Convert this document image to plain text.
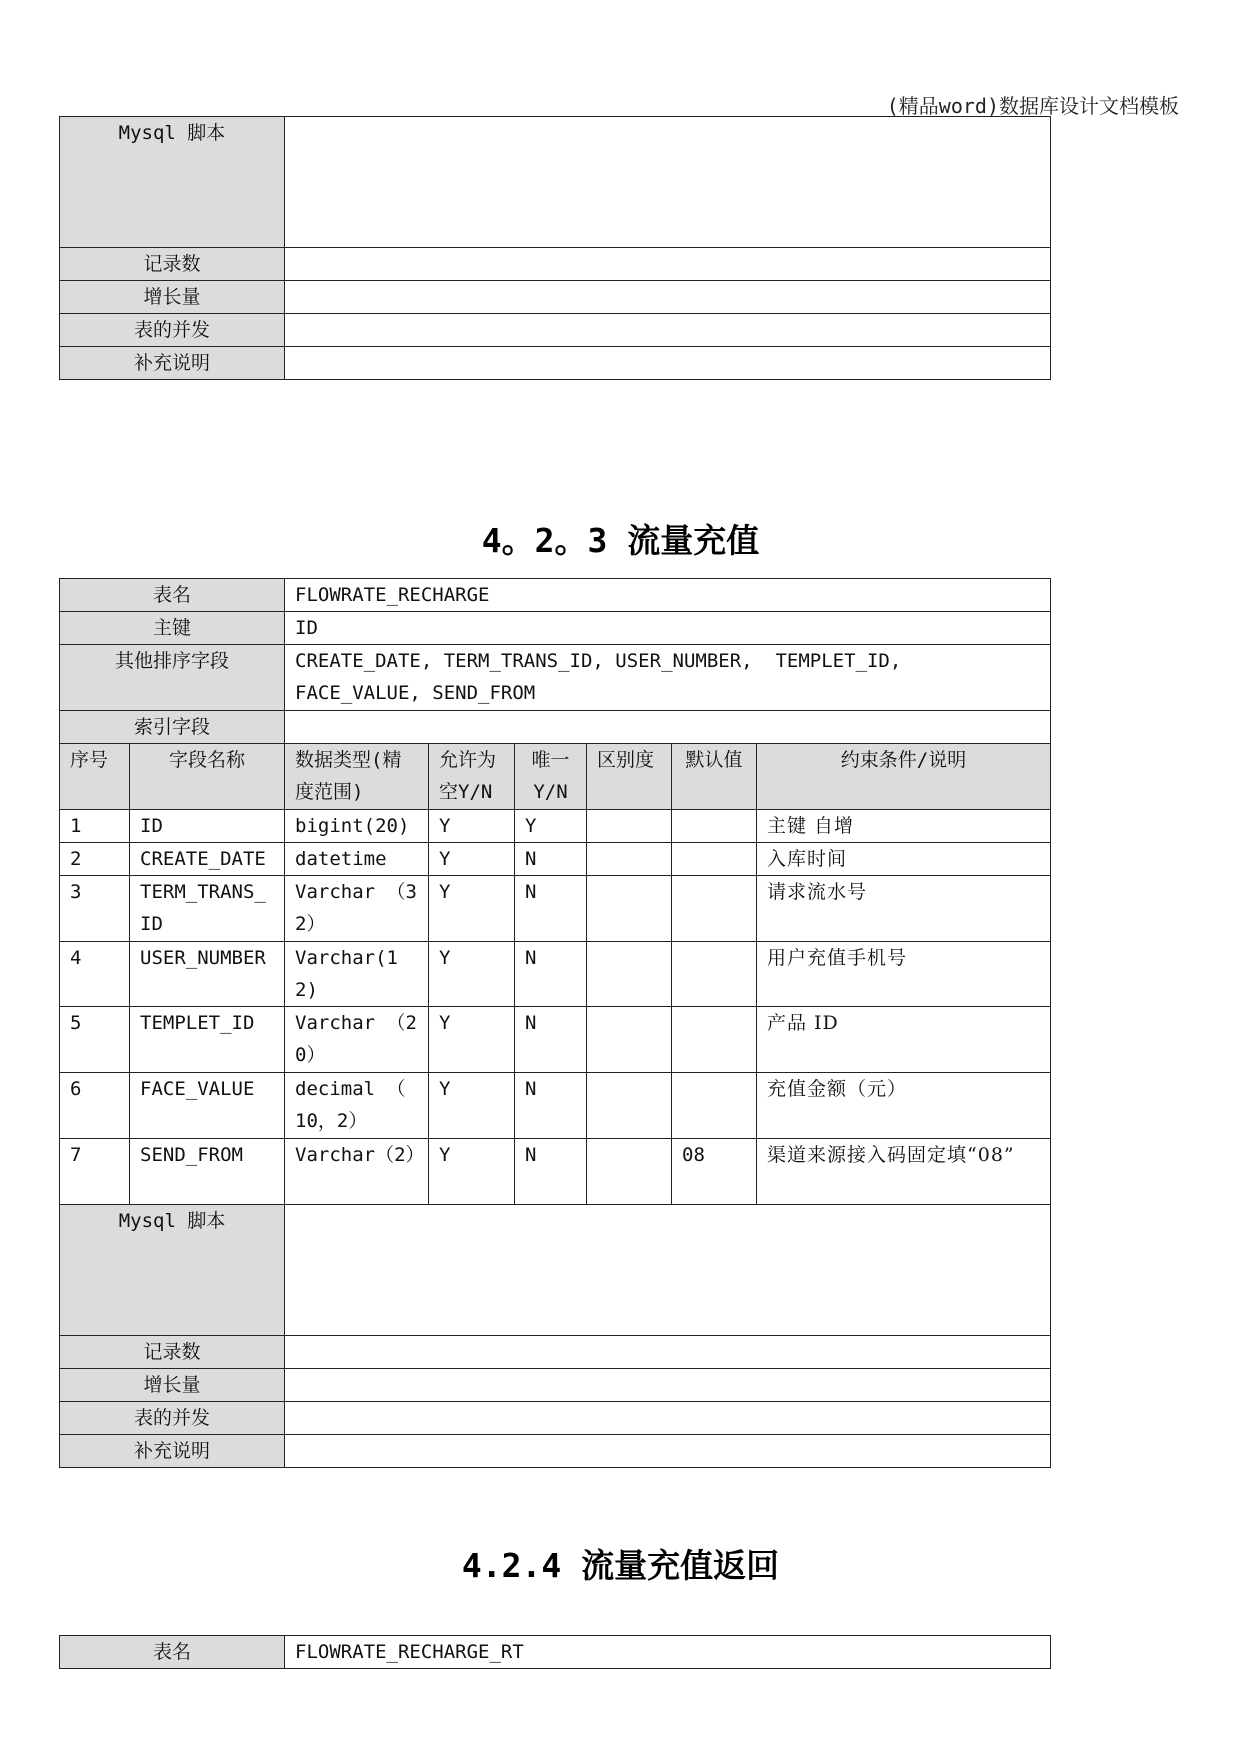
(精品word)数据库设计文档模板
Mysql 脚本	
记录数	
增长量	
表的并发	
补充说明	
4。2。3 流量充值
表名		FLOWRATE_RECHARGE					
主键		ID					
其他排序字段		CREATE_DATE, TERM_TRANS_ID, USER_NUMBER,  TEMPLET_ID,     FACE_VALUE, SEND_FROM					
索引字段							
序号	字段名称	数据类型(精度范围)	允许为空Y/N	唯一Y/N	区别度	默认值	约束条件/说明
1	ID	bigint(20)	Y	Y			主键 自增
2	CREATE_DATE	datetime	Y	N			入库时间
3	TERM_TRANS_ID	Varchar （32）	Y	N			请求流水号
4	USER_NUMBER	Varchar(12)	Y	N			用户充值手机号
5	TEMPLET_ID	Varchar （20）	Y	N			产品 ID
6	FACE_VALUE	decimal （ 10，2）	Y	N			充值金额（元）
7	SEND_FROM	Varchar（2）	Y	N		08	渠道来源接入码固定填“08”
Mysql 脚本							
记录数							
增长量							
表的并发							
补充说明							
4.2.4 流量充值返回
表名	FLOWRATE_RECHARGE_RT
